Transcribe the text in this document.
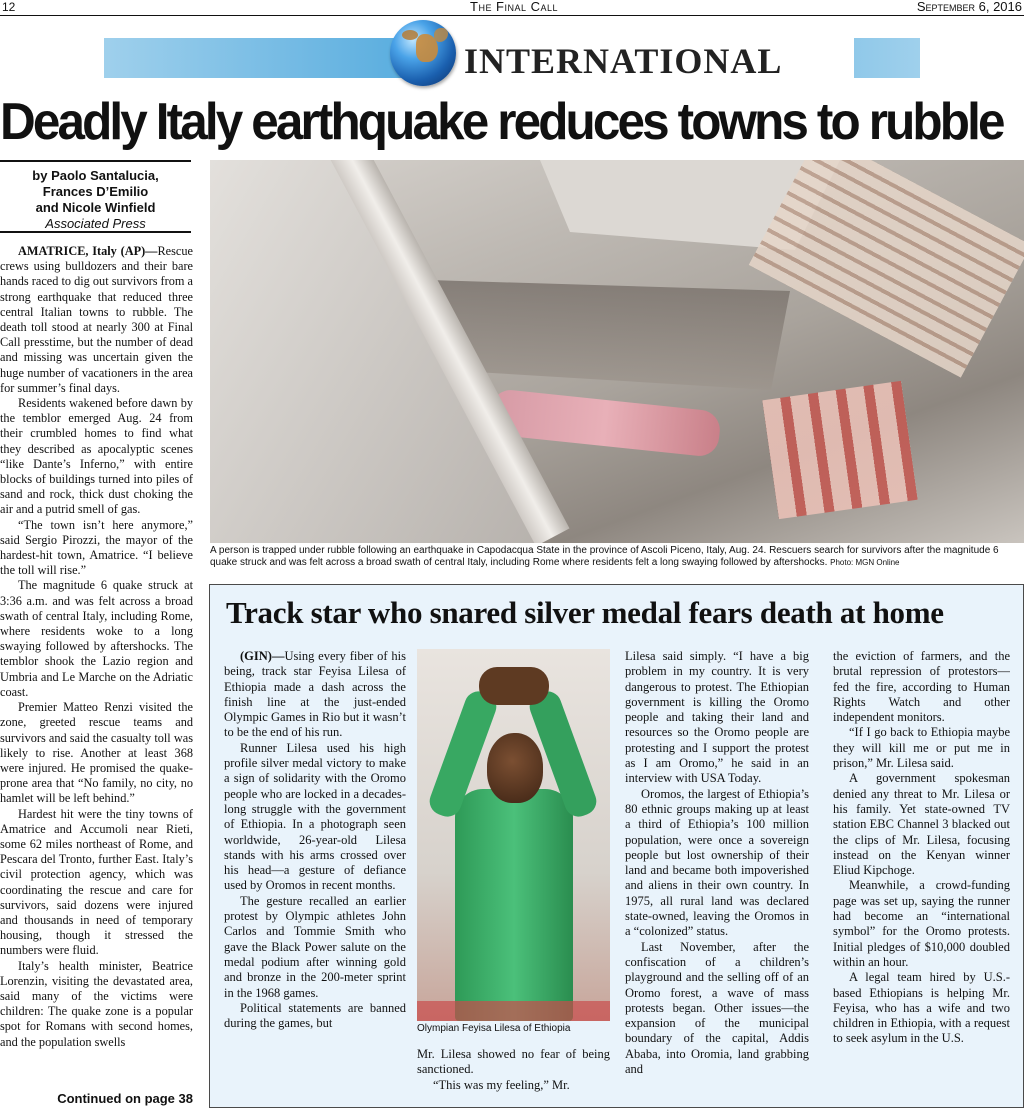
12	The Final Call	September 6, 2016
INTERNATIONAL
Deadly Italy earthquake reduces towns to rubble
by Paolo Santalucia,
Frances D’Emilio
and Nicole Winfield
Associated Press

AMATRICE, Italy (AP)—Rescue crews using bulldozers and their bare hands raced to dig out survivors from a strong earthquake that reduced three central Italian towns to rubble. The death toll stood at nearly 300 at Final Call presstime, but the number of dead and missing was uncertain given the huge number of vacationers in the area for summer’s final days.

Residents wakened before dawn by the temblor emerged Aug. 24 from their crumbled homes to find what they described as apocalyptic scenes “like Dante’s Inferno,” with entire blocks of buildings turned into piles of sand and rock, thick dust choking the air and a putrid smell of gas.

“The town isn’t here anymore,” said Sergio Pirozzi, the mayor of the hardest-hit town, Amatrice. “I believe the toll will rise.”

The magnitude 6 quake struck at 3:36 a.m. and was felt across a broad swath of central Italy, including Rome, where residents woke to a long swaying followed by aftershocks. The temblor shook the Lazio region and Umbria and Le Marche on the Adriatic coast.

Premier Matteo Renzi visited the zone, greeted rescue teams and survivors and said the casualty toll was likely to rise. Another at least 368 were injured. He promised the quake-prone area that “No family, no city, no hamlet will be left behind.”

Hardest hit were the tiny towns of Amatrice and Accumoli near Rieti, some 62 miles northeast of Rome, and Pescara del Tronto, further East. Italy’s civil protection agency, which was coordinating the rescue and care for survivors, said dozens were injured and thousands in need of temporary housing, though it stressed the numbers were fluid.

Italy’s health minister, Beatrice Lorenzin, visiting the devastated area, said many of the victims were children: The quake zone is a popular spot for Romans with second homes, and the population swells

Continued on page 38
A person is trapped under rubble following an earthquake in Capodacqua State in the province of Ascoli Piceno, Italy, Aug. 24. Rescuers search for survivors after the magnitude 6 quake struck and was felt across a broad swath of central Italy, including Rome where residents felt a long swaying followed by aftershocks. Photo: MGN Online
Track star who snared silver medal fears death at home

(GIN)—Using every fiber of his being, track star Feyisa Lilesa of Ethiopia made a dash across the finish line at the just-ended Olympic Games in Rio but it wasn’t to be the end of his run.

Runner Lilesa used his high profile silver medal victory to make a sign of solidarity with the Oromo people who are locked in a decades-long struggle with the government of Ethiopia. In a photograph seen worldwide, 26-year-old Lilesa stands with his arms crossed over his head—a gesture of defiance used by Oromos in recent months.

The gesture recalled an earlier protest by Olympic athletes John Carlos and Tommie Smith who gave the Black Power salute on the medal podium after winning gold and bronze in the 200-meter sprint in the 1968 games.

Political statements are banned during the games, but	Olympian Feyisa Lilesa of Ethiopia

Mr. Lilesa showed no fear of being sanctioned.

“This was my feeling,” Mr.

Lilesa said simply. “I have a big problem in my country. It is very dangerous to protest. The Ethiopian government is killing the Oromo people and taking their land and resources so the Oromo people are protesting and I support the protest as I am Oromo,” he said in an interview with USA Today.

Oromos, the largest of Ethiopia’s 80 ethnic groups making up at least a third of Ethiopia’s 100 million population, were once a sovereign people but lost ownership of their land and became both impoverished and aliens in their own country. In 1975, all rural land was declared state-owned, leaving the Oromos in a “colonized” status.

Last November, after the confiscation of a children’s playground and the selling off of an Oromo forest, a wave of mass protests began. Other issues—the expansion of the municipal boundary of the capital, Addis Ababa, into Oromia, land grabbing and

the eviction of farmers, and the brutal repression of protestors—fed the fire, according to Human Rights Watch and other independent monitors.

“If I go back to Ethiopia maybe they will kill me or put me in prison,” Mr. Lilesa said.

A government spokesman denied any threat to Mr. Lilesa or his family. Yet state-owned TV station EBC Channel 3 blacked out the clips of Mr. Lilesa, focusing instead on the Kenyan winner Eliud Kipchoge.

Meanwhile, a crowd-funding page was set up, saying the runner had become an “international symbol” for the Oromo protests. Initial pledges of $10,000 doubled within an hour.

A legal team hired by U.S.-based Ethiopians is helping Mr. Feyisa, who has a wife and two children in Ethiopia, with a request to seek asylum in the U.S.
